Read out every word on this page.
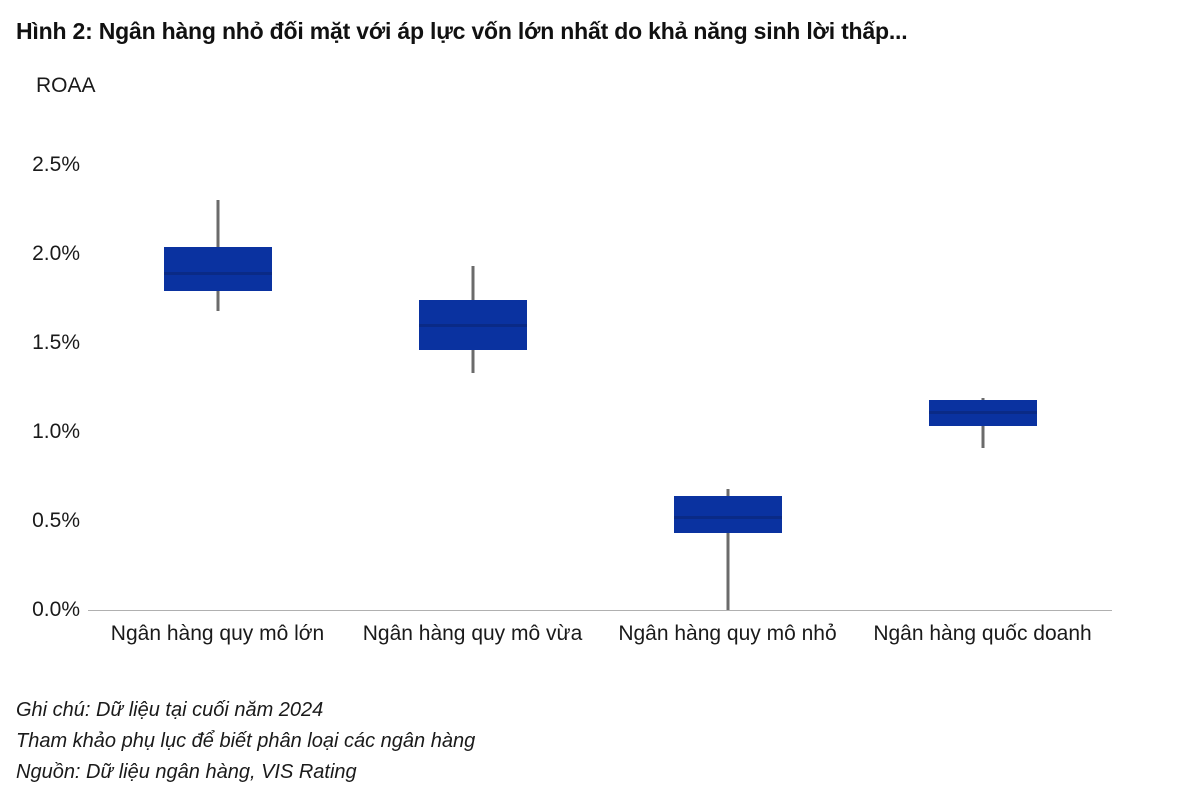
Hình 2: Ngân hàng nhỏ đối mặt với áp lực vốn lớn nhất do khả năng sinh lời thấp...
ROAA
0.0%
0.5%
1.0%
1.5%
2.0%
2.5%
Ngân hàng quy mô lớn Ngân hàng quy mô vừa Ngân hàng quy mô nhỏ Ngân hàng quốc doanh
Ghi chú: Dữ liệu tại cuối năm 2024
Tham khảo phụ lục để biết phân loại các ngân hàng
Nguồn: Dữ liệu ngân hàng, VIS Rating
